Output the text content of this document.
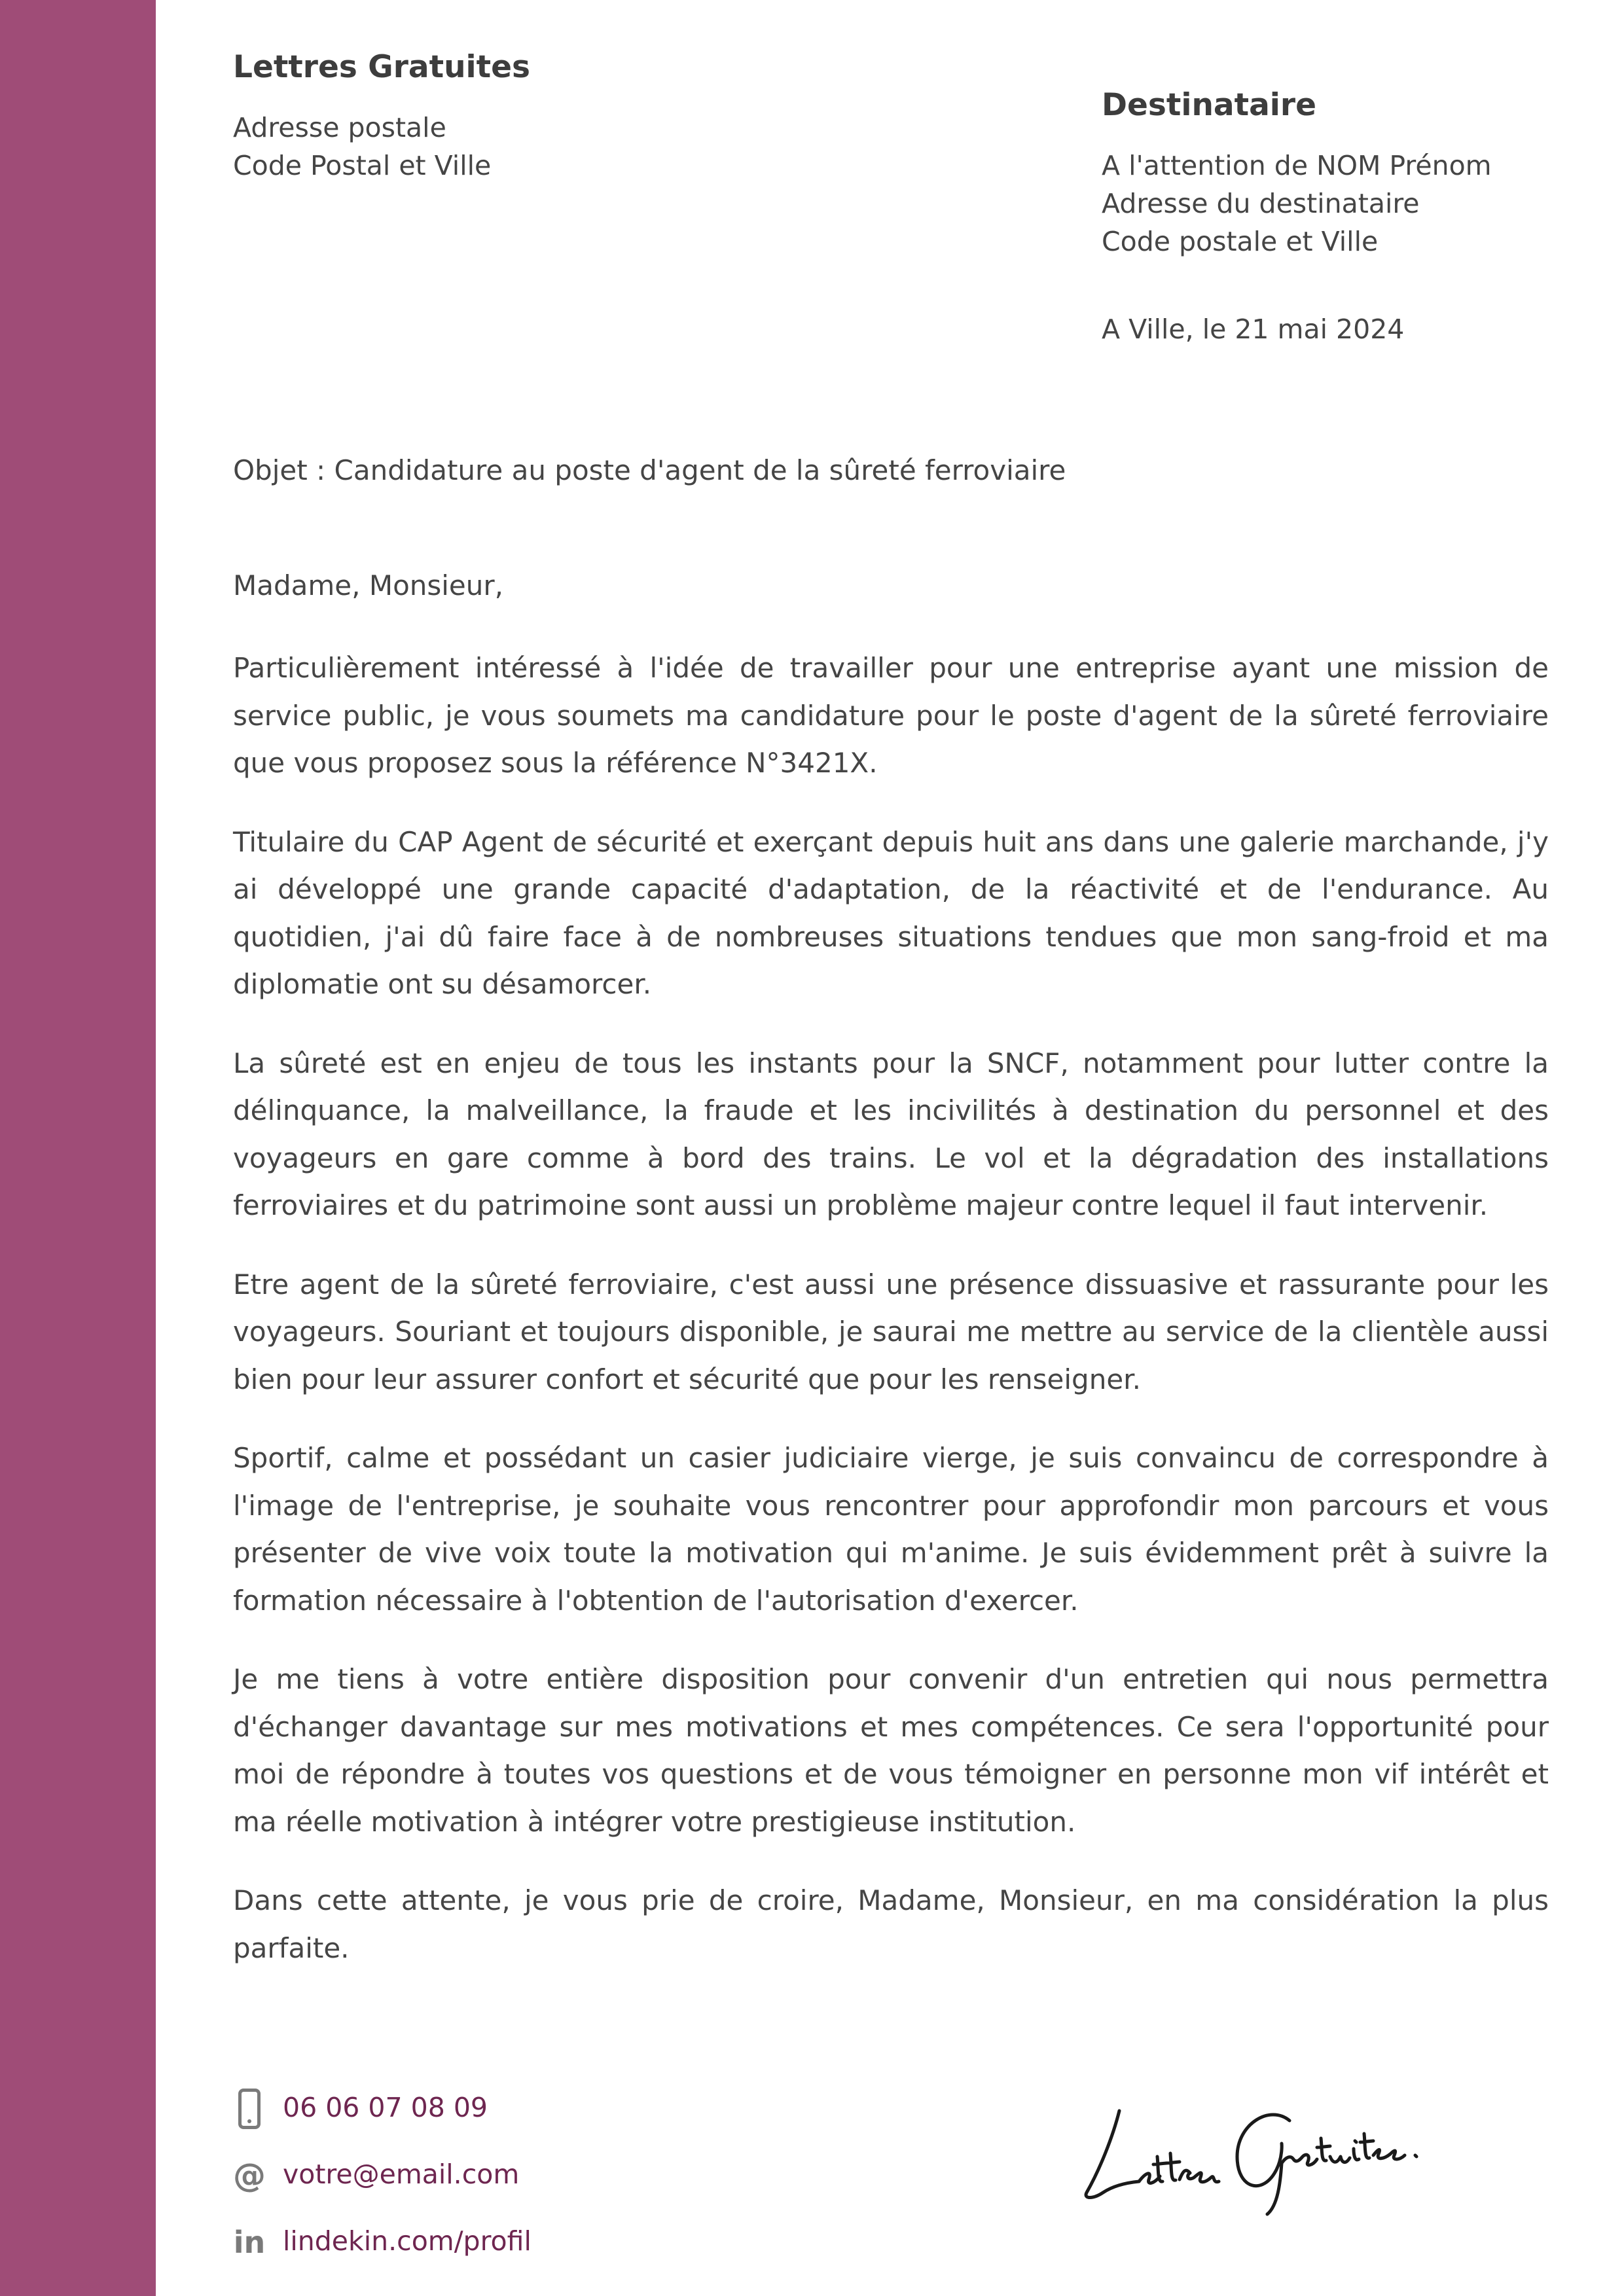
Lettres Gratuites
Adresse postale
Code Postal et Ville
Destinataire
A l'attention de NOM Prénom
Adresse du destinataire
Code postale et Ville
A Ville, le 21 mai 2024
Objet : Candidature au poste d'agent de la sûreté ferroviaire
Madame, Monsieur,

Particulièrement intéressé à l'idée de travailler pour une entreprise ayant une mission de service public, je vous soumets ma candidature pour le poste d'agent de la sûreté ferroviaire que vous proposez sous la référence N°3421X.

Titulaire du CAP Agent de sécurité et exerçant depuis huit ans dans une galerie marchande, j'y ai développé une grande capacité d'adaptation, de la réactivité et de l'endurance. Au quotidien, j'ai dû faire face à de nombreuses situations tendues que mon sang-froid et ma diplomatie ont su désamorcer.

La sûreté est en enjeu de tous les instants pour la SNCF, notamment pour lutter contre la délinquance, la malveillance, la fraude et les incivilités à destination du personnel et des voyageurs en gare comme à bord des trains. Le vol et la dégradation des installations ferroviaires et du patrimoine sont aussi un problème majeur contre lequel il faut intervenir.

Etre agent de la sûreté ferroviaire, c'est aussi une présence dissuasive et rassurante pour les voyageurs. Souriant et toujours disponible, je saurai me mettre au service de la clientèle aussi bien pour leur assurer confort et sécurité que pour les renseigner.

Sportif, calme et possédant un casier judiciaire vierge, je suis convaincu de correspondre à l'image de l'entreprise, je souhaite vous rencontrer pour approfondir mon parcours et vous présenter de vive voix toute la motivation qui m'anime. Je suis évidemment prêt à suivre la formation nécessaire à l'obtention de l'autorisation d'exercer.

Je me tiens à votre entière disposition pour convenir d'un entretien qui nous permettra d'échanger davantage sur mes motivations et mes compétences. Ce sera l'opportunité pour moi de répondre à toutes vos questions et de vous témoigner en personne mon vif intérêt et ma réelle motivation à intégrer votre prestigieuse institution.

Dans cette attente, je vous prie de croire, Madame, Monsieur, en ma considération la plus parfaite.

06 06 07 08 09
@ votre@email.com
in lindekin.com/profil
